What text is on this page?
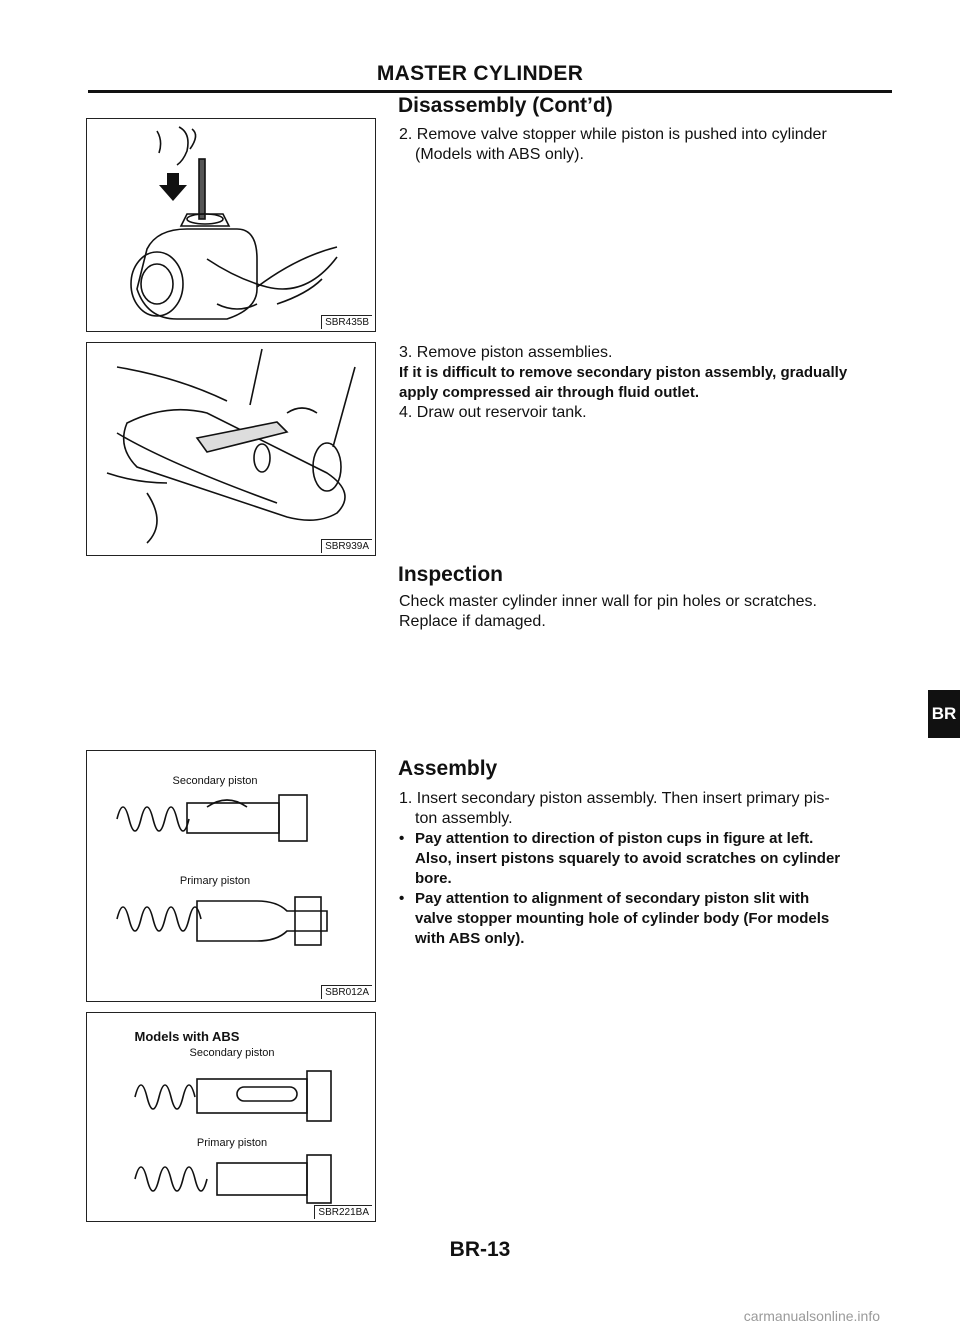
MASTER CYLINDER
SBR435B
SBR939A
Secondary piston
Primary piston
SBR012A
Models with ABS
Secondary piston
Primary piston
SBR221BA
Disassembly (Cont’d)
2. Remove valve stopper while piston is pushed into cylinder
(Models with ABS only).
3. Remove piston assemblies.
If it is difficult to remove secondary piston assembly, gradually
apply compressed air through fluid outlet.
4. Draw out reservoir tank.
Inspection
Check master cylinder inner wall for pin holes or scratches.
Replace if damaged.
Assembly
1. Insert secondary piston assembly. Then insert primary pis-
ton assembly.
• Pay attention to direction of piston cups in figure at left.
Also, insert pistons squarely to avoid scratches on cylinder
bore.
• Pay attention to alignment of secondary piston slit with
valve stopper mounting hole of cylinder body (For models
with ABS only).
BR
BR-13
carmanualsonline.info
